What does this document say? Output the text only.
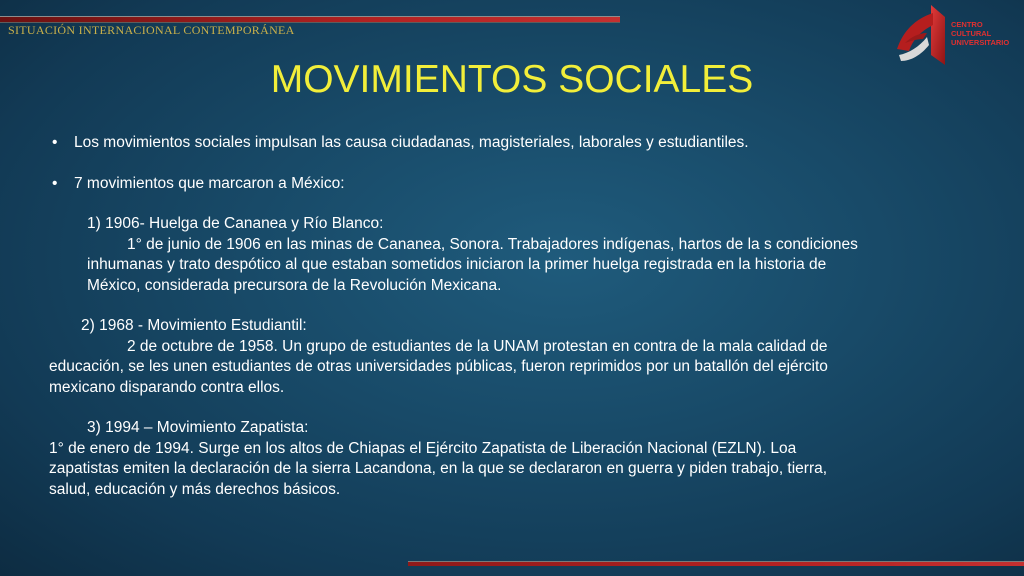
SITUACIÓN INTERNACIONAL CONTEMPORÁNEA	CENTRO
CULTURAL
UNIVERSITARIO
MOVIMIENTOS SOCIALES
• Los movimientos sociales impulsan las causa ciudadanas, magisteriales, laborales y estudiantiles.
• 7 movimientos que marcaron a México:
1) 1906- Huelga de Cananea y Río Blanco:
1° de junio de 1906 en las minas de Cananea, Sonora. Trabajadores indígenas, hartos de la s condiciones
inhumanas y trato despótico al que estaban sometidos iniciaron la primer huelga registrada en la historia de
México, considerada precursora de la Revolución Mexicana.
2) 1968 - Movimiento Estudiantil:
2 de octubre de 1958. Un grupo de estudiantes de la UNAM protestan en contra de la mala calidad de
educación, se les unen estudiantes de otras universidades públicas, fueron reprimidos por un batallón del ejército
mexicano disparando contra ellos.
3) 1994 – Movimiento Zapatista:
1° de enero de 1994. Surge en los altos de Chiapas el Ejército Zapatista de Liberación Nacional (EZLN). Loa
zapatistas emiten la declaración de la sierra Lacandona, en la que se declararon en guerra y piden trabajo, tierra,
salud, educación y más derechos básicos.
